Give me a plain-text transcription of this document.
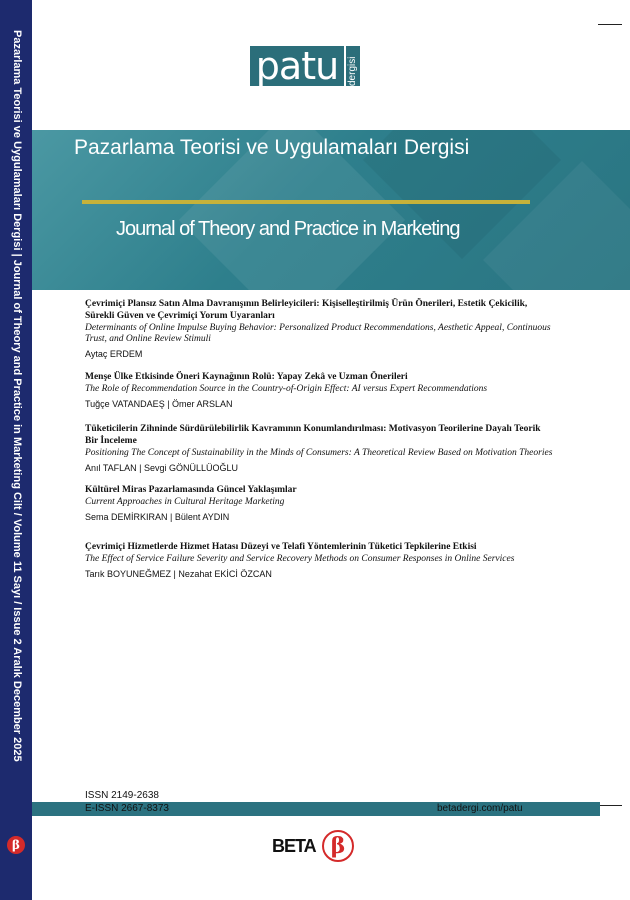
Pazarlama Teorisi ve Uygulamaları Dergisi | Journal of Theory and Practice in Marketing Cilt / Volume 11 Sayı / Issue 2 Aralık December 2025
β
patu dergisi
Pazarlama Teorisi ve Uygulamaları Dergisi
Journal of Theory and Practice in Marketing
Çevrimiçi Plansız Satın Alma Davranışının Belirleyicileri: Kişiselleştirilmiş Ürün Önerileri, Estetik Çekicilik, Sürekli Güven ve Çevrimiçi Yorum Uyaranları
Determinants of Online Impulse Buying Behavior: Personalized Product Recommendations, Aesthetic Appeal, Continuous Trust, and Online Review Stimuli
Aytaç ERDEM
Menşe Ülke Etkisinde Öneri Kaynağının Rolü: Yapay Zekâ ve Uzman Önerileri
The Role of Recommendation Source in the Country-of-Origin Effect: AI versus Expert Recommendations
Tuğçe VATANDAEŞ | Ömer ARSLAN
Tüketicilerin Zihninde Sürdürülebilirlik Kavramının Konumlandırılması: Motivasyon Teorilerine Dayalı Teorik Bir İnceleme
Positioning The Concept of Sustainability in the Minds of Consumers: A Theoretical Review Based on Motivation Theories
Anıl TAFLAN | Sevgi GÖNÜLLÜOĞLU
Kültürel Miras Pazarlamasında Güncel Yaklaşımlar
Current Approaches in Cultural Heritage Marketing
Sema DEMİRKIRAN | Bülent AYDIN
Çevrimiçi Hizmetlerde Hizmet Hatası Düzeyi ve Telafi Yöntemlerinin Tüketici Tepkilerine Etkisi
The Effect of Service Failure Severity and Service Recovery Methods on Consumer Responses in Online Services
Tarık BOYUNEĞMEZ | Nezahat EKİCİ ÖZCAN
ISSN 2149-2638
E-ISSN 2667-8373	betadergi.com/patu
BETA β
